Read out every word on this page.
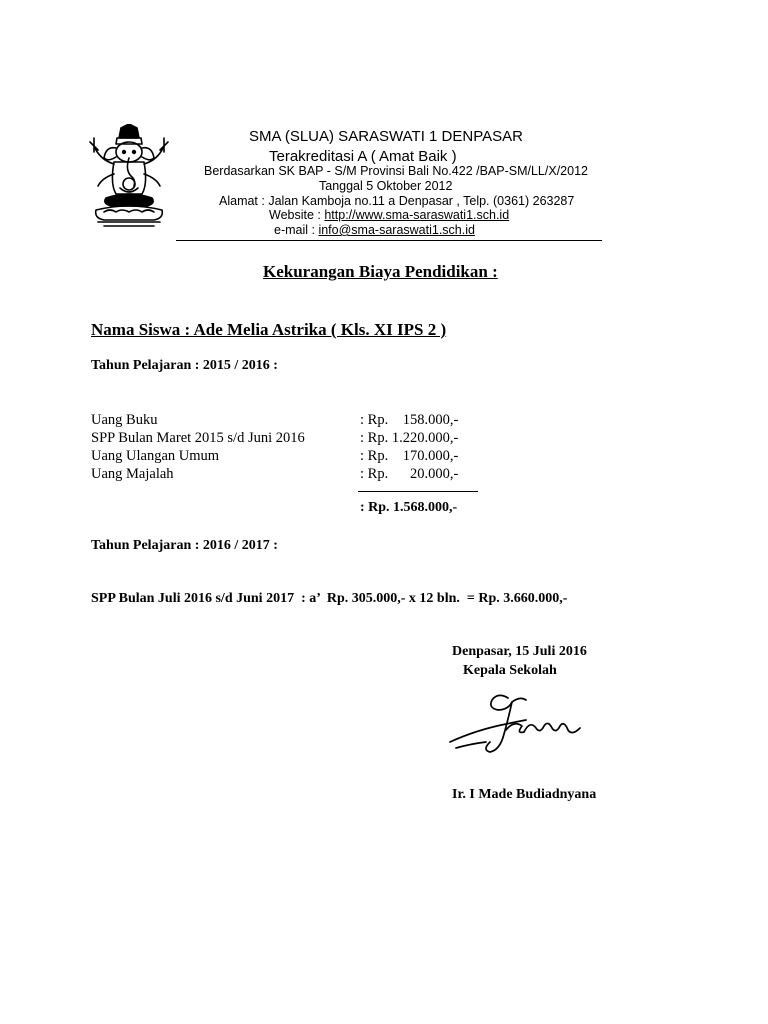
SMA (SLUA) SARASWATI 1 DENPASAR
Terakreditasi A ( Amat Baik )
Berdasarkan SK BAP - S/M Provinsi Bali No.422 /BAP-SM/LL/X/2012
Tanggal 5 Oktober 2012
Alamat : Jalan Kamboja no.11 a Denpasar , Telp. (0361) 263287
Website : http://www.sma-saraswati1.sch.id
e-mail : info@sma-saraswati1.sch.id
Kekurangan Biaya Pendidikan :
Nama Siswa : Ade Melia Astrika ( Kls. XI IPS 2 )
Tahun Pelajaran : 2015 / 2016 :
Uang Buku	: Rp.    158.000,-
SPP Bulan Maret 2015 s/d Juni 2016	: Rp. 1.220.000,-
Uang Ulangan Umum	: Rp.    170.000,-
Uang Majalah	: Rp.      20.000,-
: Rp. 1.568.000,-
Tahun Pelajaran : 2016 / 2017 :
SPP Bulan Juli 2016 s/d Juni 2017  : a’  Rp. 305.000,- x 12 bln.  = Rp. 3.660.000,-
Denpasar, 15 Juli 2016
Kepala Sekolah
Ir. I Made Budiadnyana
